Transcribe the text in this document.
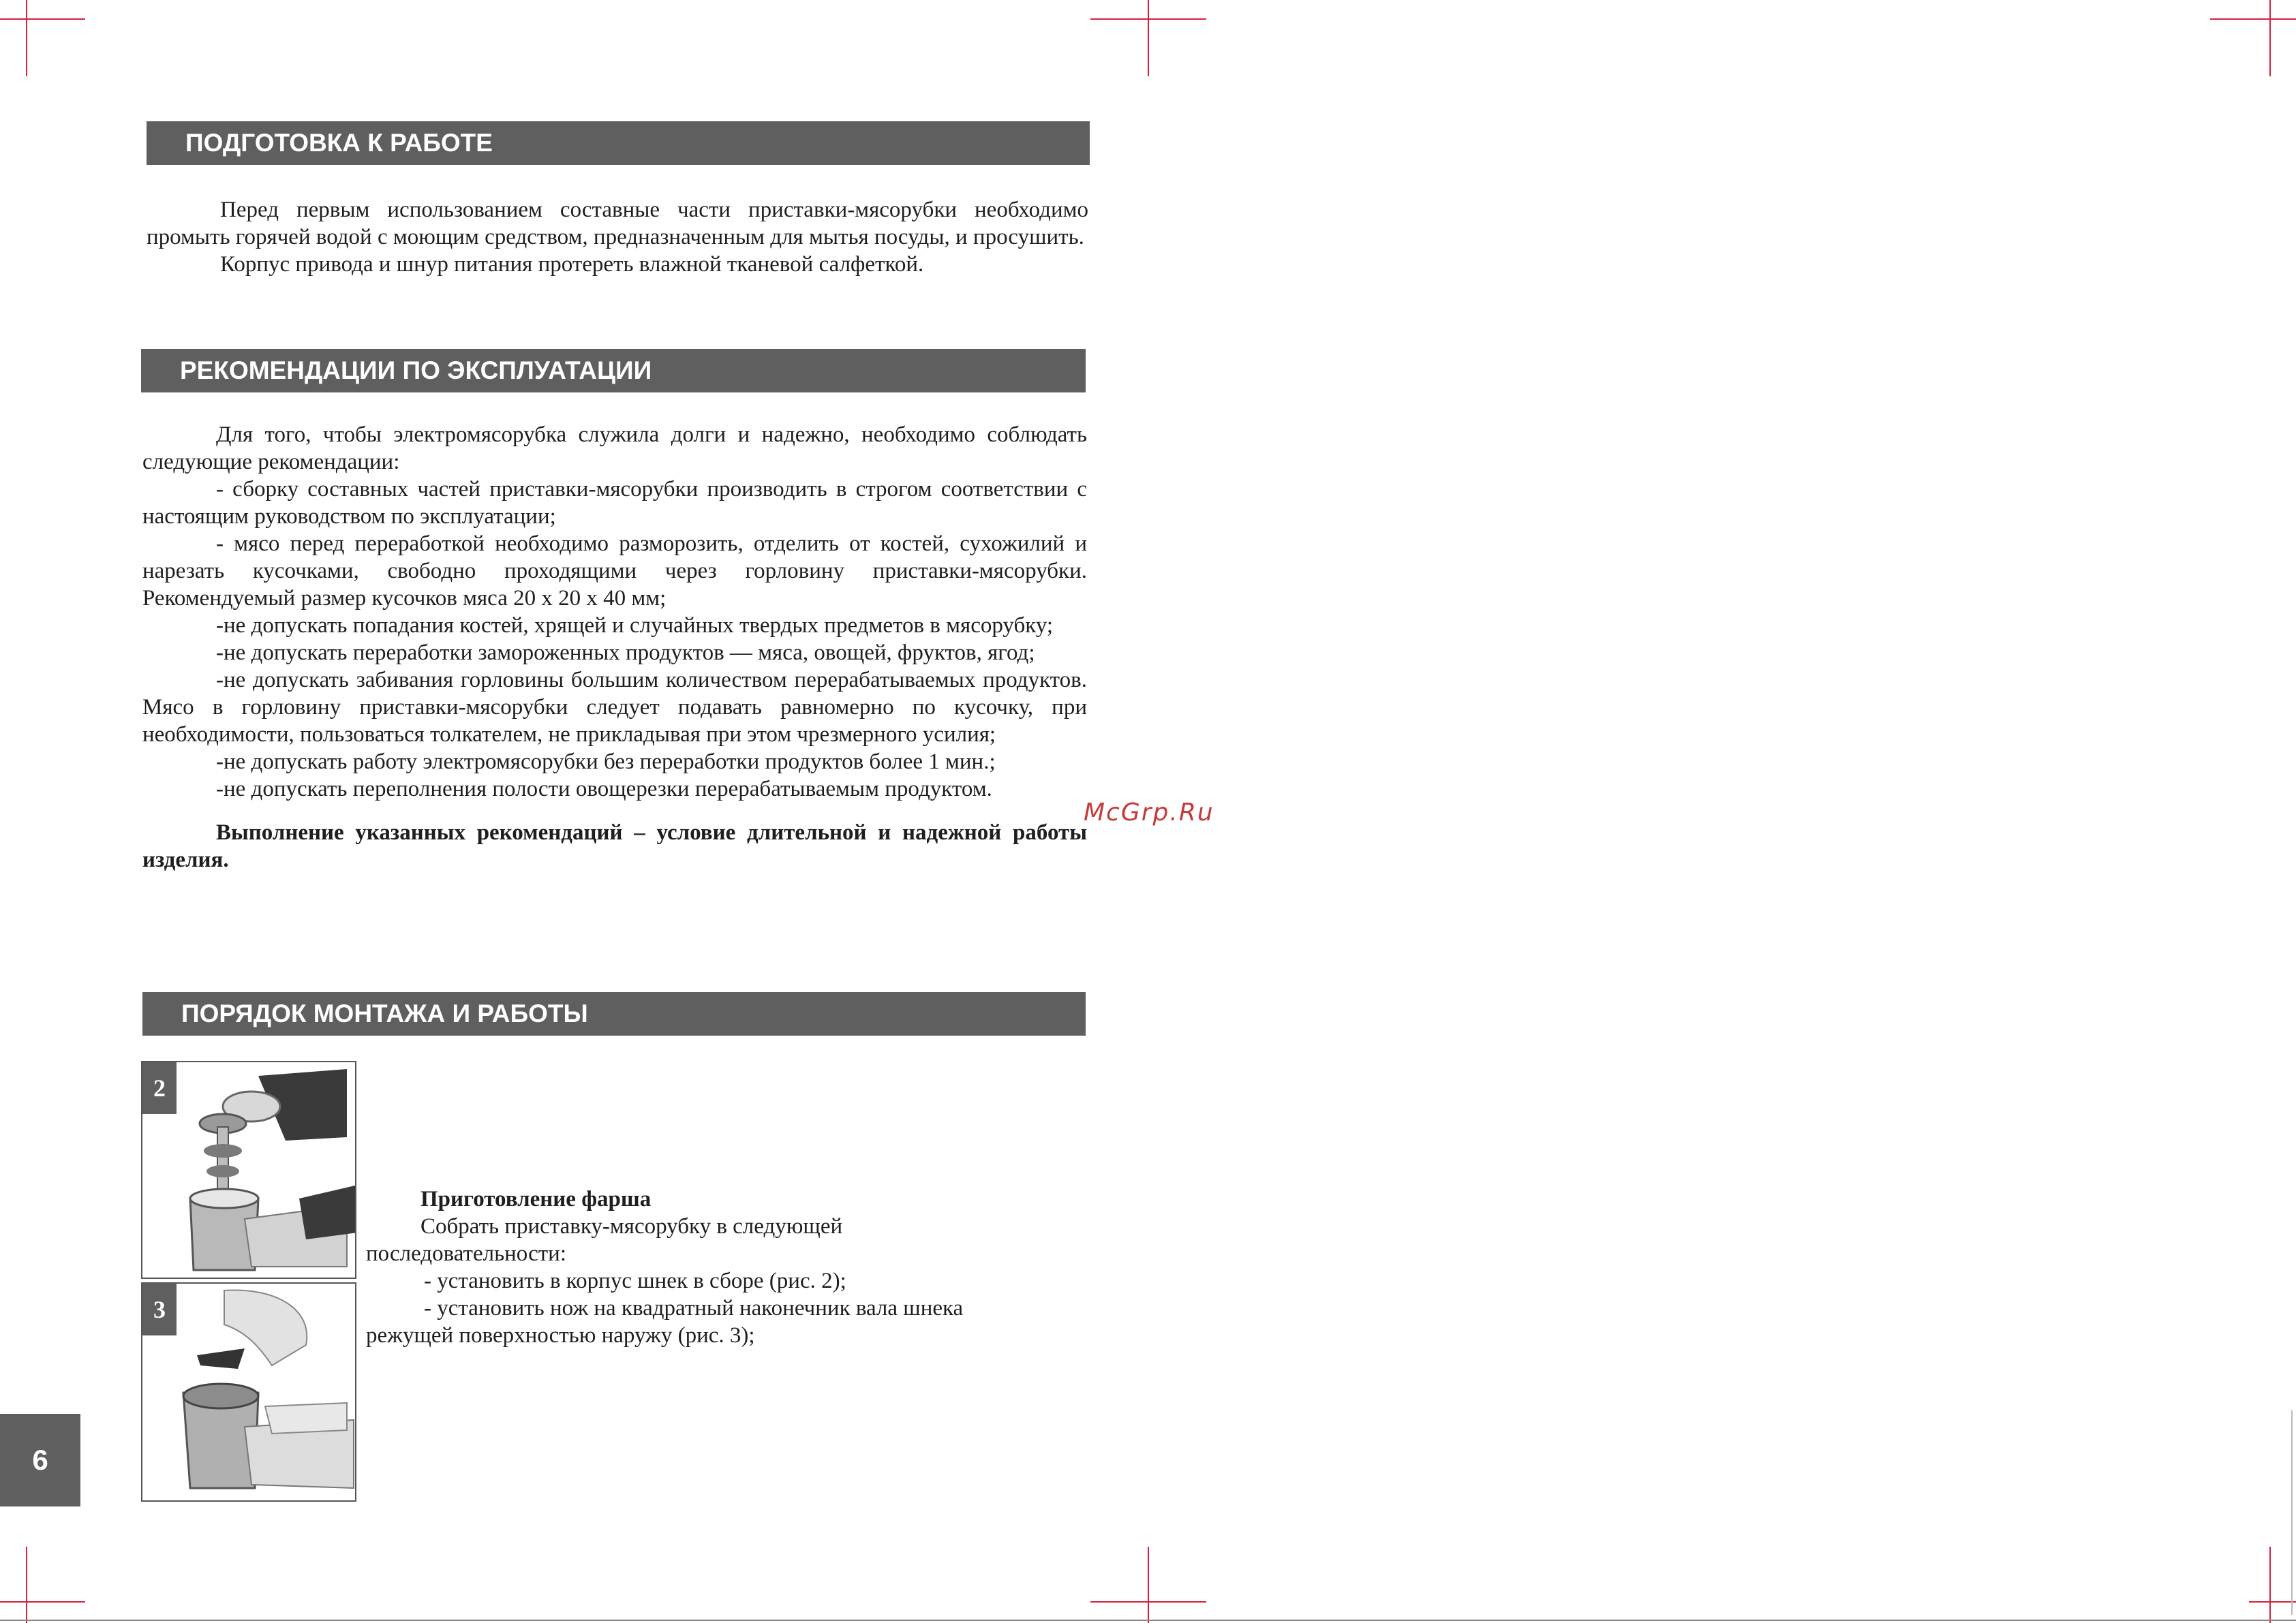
ПОДГОТОВКА К РАБОТЕ

Перед первым использованием составные части приставки-мясорубки необходимо промыть горячей водой с моющим средством, предназначенным для мытья посуды, и просушить.

Корпус привода и шнур питания протереть влажной тканевой салфеткой.

РЕКОМЕНДАЦИИ ПО ЭКСПЛУАТАЦИИ

Для того, чтобы электромясорубка служила долги и надежно, необходимо соблюдать следующие рекомендации:

- сборку составных частей приставки-мясорубки производить в строгом соответствии с настоящим руководством по эксплуатации;

- мясо перед переработкой необходимо разморозить, отделить от костей, сухожилий и нарезать кусочками, свободно проходящими через горловину приставки-мясорубки. Рекомендуемый размер кусочков мяса 20 х 20 х 40 мм;

-не допускать попадания костей, хрящей и случайных твердых предметов в мясорубку;

-не допускать переработки замороженных продуктов — мяса, овощей, фруктов, ягод;

-не допускать забивания горловины большим количеством перерабатываемых продуктов. Мясо в горловину приставки-мясорубки следует подавать равномерно по кусочку, при необходимости, пользоваться толкателем, не прикладывая при этом чрезмерного усилия;

-не допускать работу электромясорубки без переработки продуктов более 1 мин.;

-не допускать переполнения полости овощерезки перерабатываемым продуктом.

Выполнение указанных рекомендаций – условие длительной и надежной работы изделия.

ПОРЯДОК МОНТАЖА И РАБОТЫ
2
3

Приготовление фарша

Собрать приставку-мясорубку в следующей последовательности:

- установить в корпус шнек в сборе (рис. 2);

- установить нож на квадратный наконечник вала шнека режущей поверхностью наружу (рис. 3);

McGrp.Ru
6
